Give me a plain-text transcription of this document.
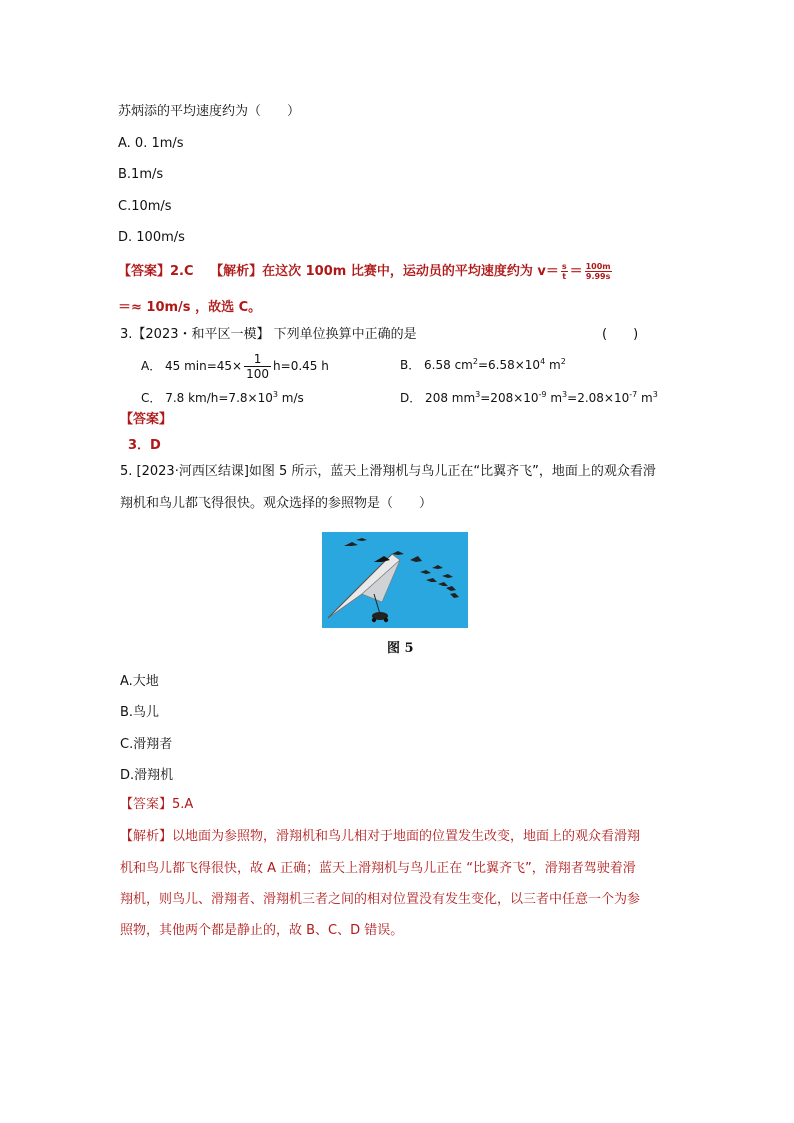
苏炳添的平均速度约为（　　）
A. 0. 1m/s
B.1m/s
C.10m/s
D. 100m/s
【答案】2.C 【解析】在这次 100m 比赛中，运动员的平均速度约为 $v= \frac{s}{t} = \frac{100m}{9.99s}$
＝≈ 10m/s ，故选 C。
3.【2023・和平区一模】 下列单位换算中正确的是	(　　)
A． 45 $\min=45\times \frac{1}{100} h=0.45$ h	B． 6.58 $cm^2=6.58\times 10^4$ $m^2$
C． 7.8 $km/h=7.8\times 10^3$ m/s	D． 208 $mm^3=208\times 10^{-9}$ $m^3=2.08\times 10^{-7}$ $m^3$
【答案】
3．D
5. [2023·河西区结课]如图 5 所示，蓝天上滑翔机与鸟儿正在“比翼齐飞”，地面上的观众看滑
翔机和鸟儿都飞得很快。观众选择的参照物是（　　）
图 5
A.大地
B.鸟儿
C.滑翔者
D.滑翔机
【答案】5.A
【解析】以地面为参照物，滑翔机和鸟儿相对于地面的位置发生改变，地面上的观众看滑翔
机和鸟儿都飞得很快，故 A 正确；蓝天上滑翔机与鸟儿正在 “比翼齐飞”，滑翔者驾驶着滑
翔机，则鸟儿、滑翔者、滑翔机三者之间的相对位置没有发生变化，以三者中任意一个为参
照物，其他两个都是静止的，故 B、C、D 错误。
